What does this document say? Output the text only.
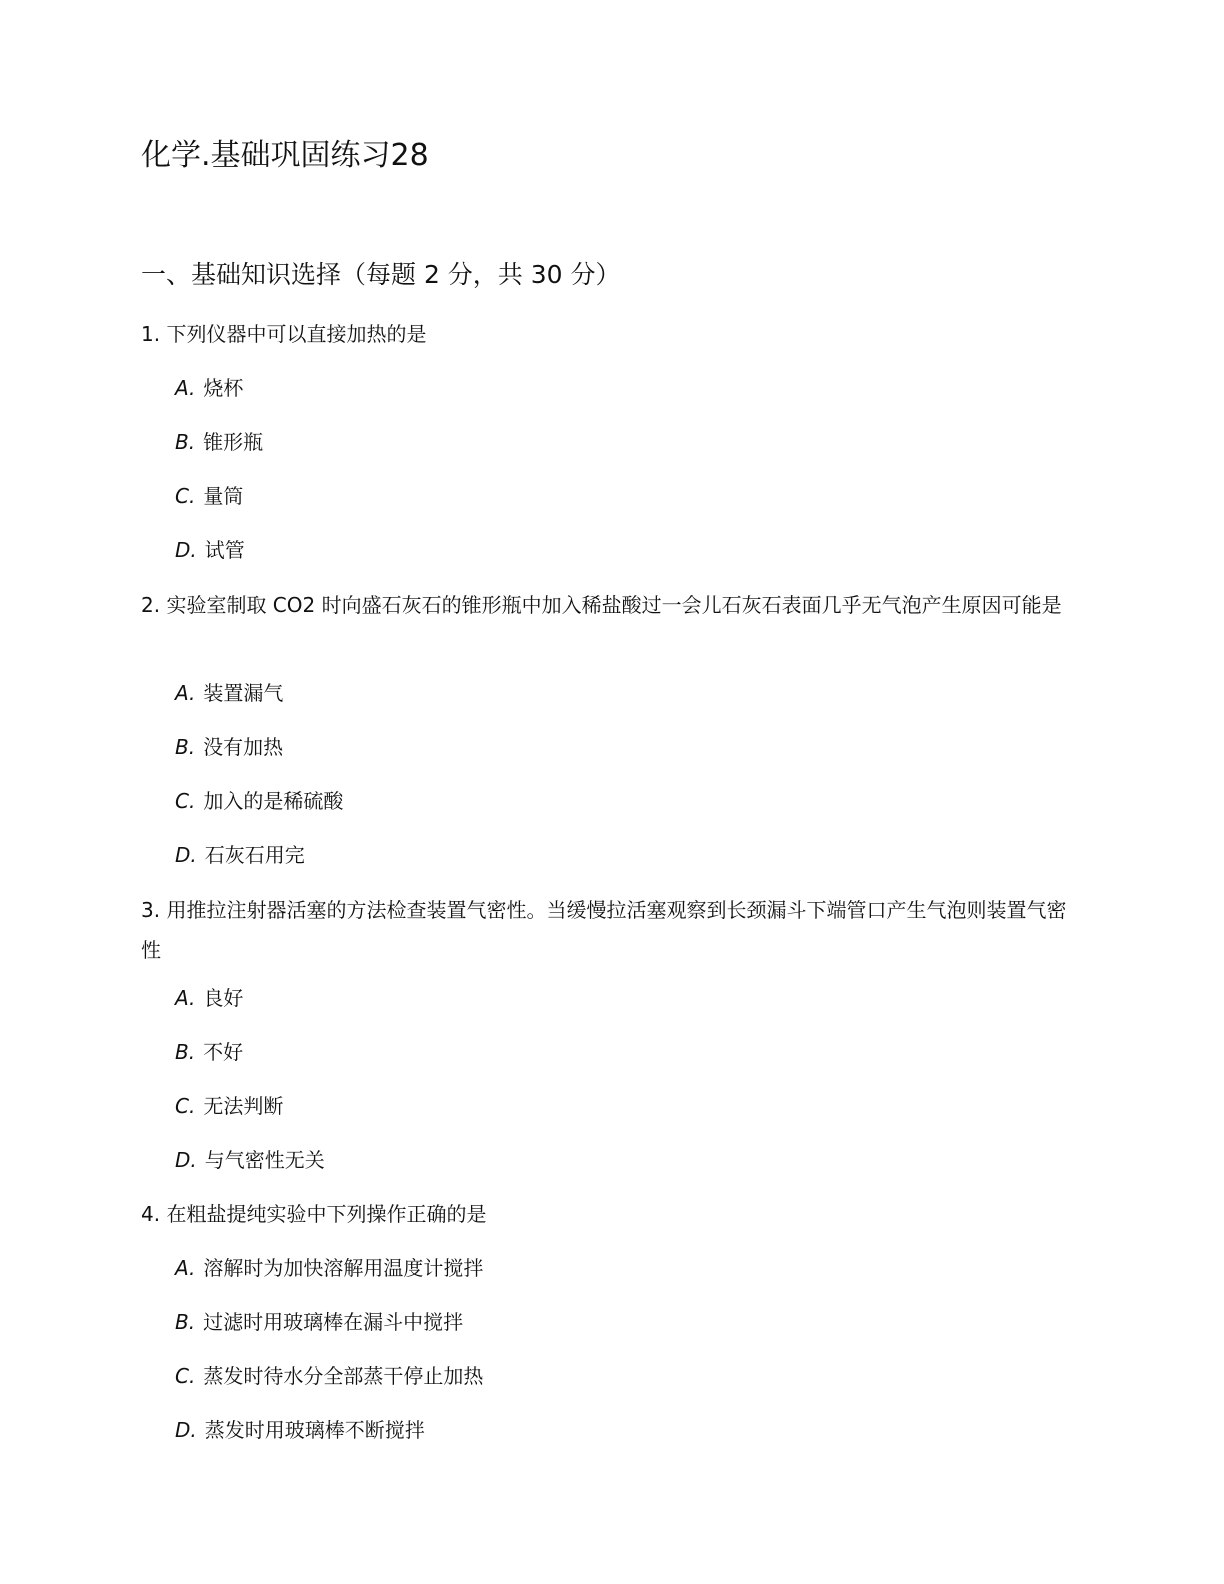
化学.基础巩固练习28
一、基础知识选择（每题 2 分，共 30 分）

1. 下列仪器中可以直接加热的是

A. 烧杯

B. 锥形瓶

C. 量筒

D. 试管

2. 实验室制取 CO2 时向盛石灰石的锥形瓶中加入稀盐酸过一会儿石灰石表面几乎无气泡产生原因可能是

A. 装置漏气

B. 没有加热

C. 加入的是稀硫酸

D. 石灰石用完

3. 用推拉注射器活塞的方法检查装置气密性。当缓慢拉活塞观察到长颈漏斗下端管口产生气泡则装置气密性

A. 良好

B. 不好

C. 无法判断

D. 与气密性无关

4. 在粗盐提纯实验中下列操作正确的是

A. 溶解时为加快溶解用温度计搅拌

B. 过滤时用玻璃棒在漏斗中搅拌

C. 蒸发时待水分全部蒸干停止加热

D. 蒸发时用玻璃棒不断搅拌
